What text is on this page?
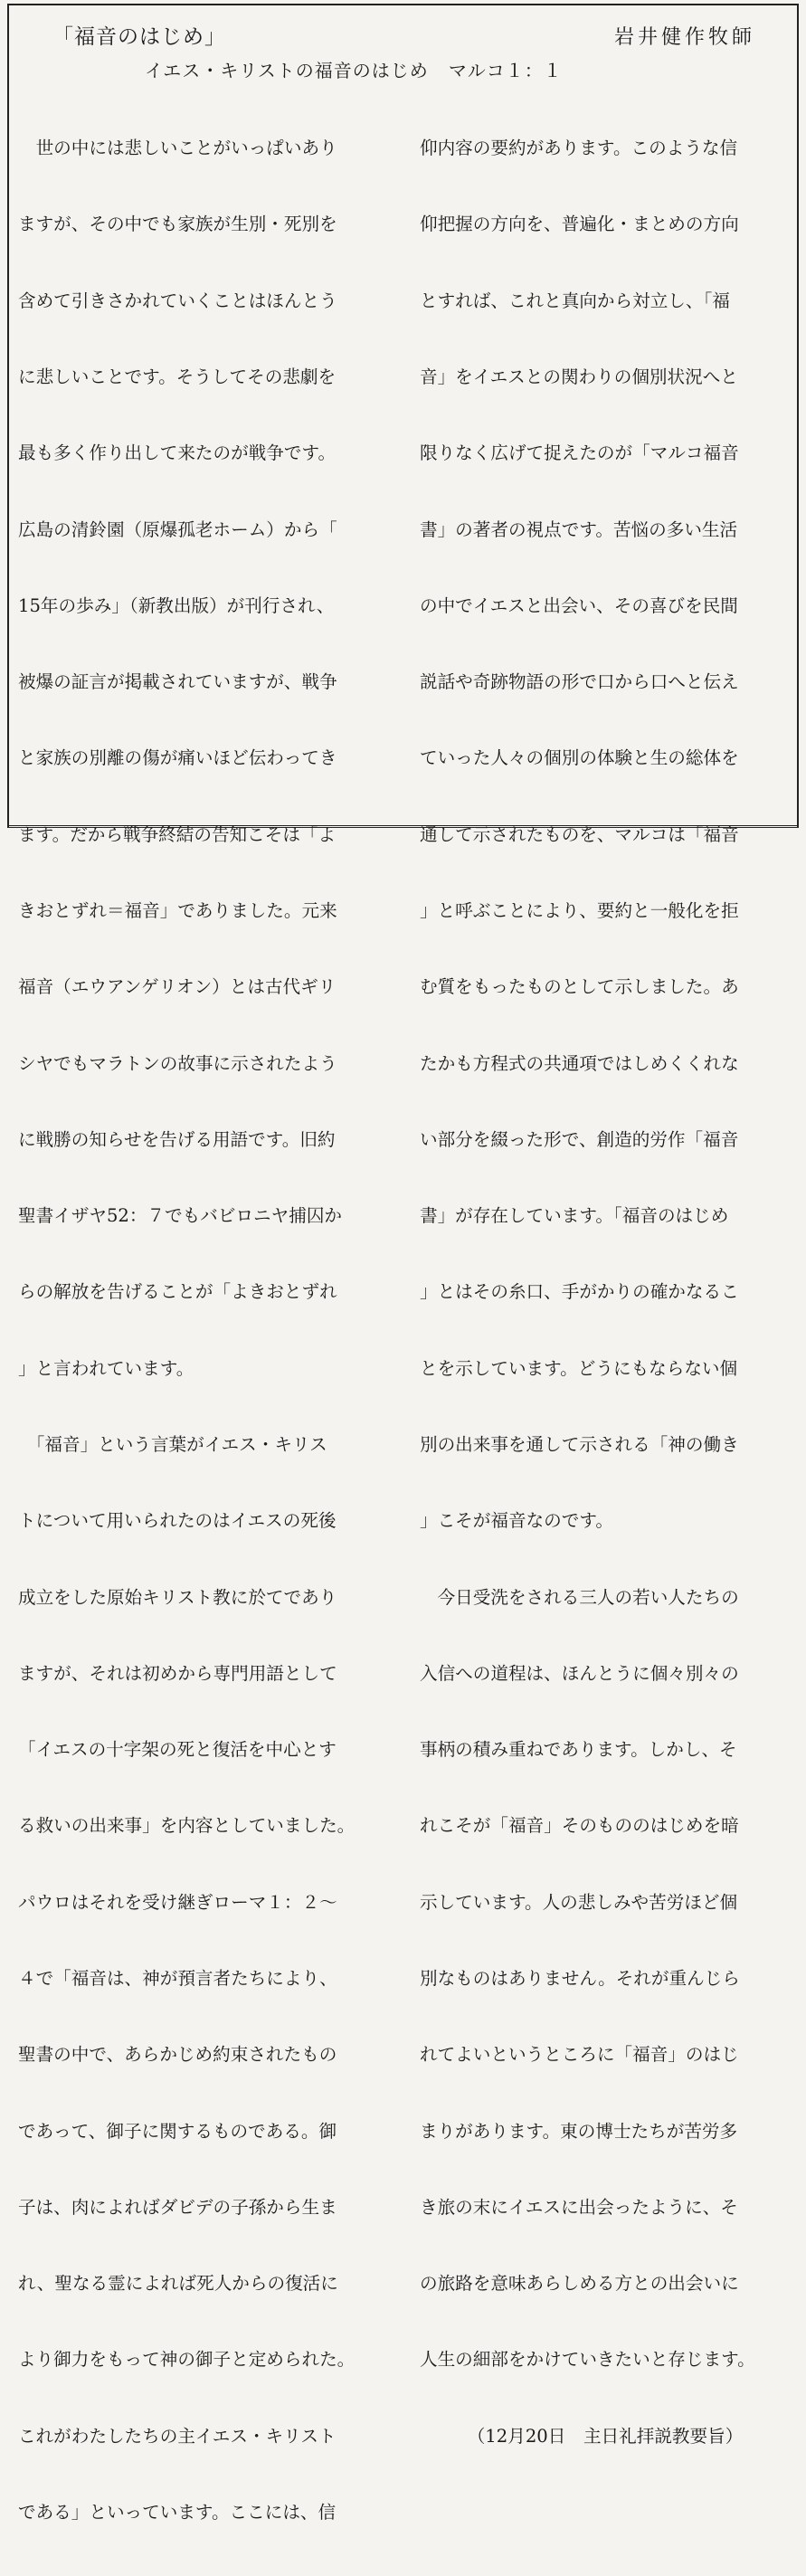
「福音のはじめ」	岩井健作牧師
イエス・キリストの福音のはじめ マルコ１：１

　世の中には悲しいことがいっぱいあり

ますが、その中でも家族が生別・死別を

含めて引きさかれていくことはほんとう

に悲しいことです。そうしてその悲劇を

最も多く作り出して来たのが戦争です。

広島の清鈴園（原爆孤老ホーム）から「

15年の歩み」（新教出版）が刊行され、

被爆の証言が掲載されていますが、戦争

と家族の別離の傷が痛いほど伝わってき

ます。だから戦争終結の告知こそは「よ

きおとずれ＝福音」でありました。元来

福音（エウアンゲリオン）とは古代ギリ

シヤでもマラトンの故事に示されたよう

に戦勝の知らせを告げる用語です。旧約

聖書イザヤ52：７でもバビロニヤ捕囚か

らの解放を告げることが「よきおとずれ

」と言われています。

　「福音」という言葉がイエス・キリス

トについて用いられたのはイエスの死後

成立をした原始キリスト教に於てであり

ますが、それは初めから専門用語として

「イエスの十字架の死と復活を中心とす

る救いの出来事」を内容としていました。

パウロはそれを受け継ぎローマ１：２〜

４で「福音は、神が預言者たちにより、

聖書の中で、あらかじめ約束されたもの

であって、御子に関するものである。御

子は、肉によればダビデの子孫から生ま

れ、聖なる霊によれば死人からの復活に

より御力をもって神の御子と定められた。

これがわたしたちの主イエス・キリスト

である」といっています。ここには、信

仰内容の要約があります。このような信

仰把握の方向を、普遍化・まとめの方向

とすれば、これと真向から対立し、「福

音」をイエスとの関わりの個別状況へと

限りなく広げて捉えたのが「マルコ福音

書」の著者の視点です。苦悩の多い生活

の中でイエスと出会い、その喜びを民間

説話や奇跡物語の形で口から口へと伝え

ていった人々の個別の体験と生の総体を

通して示されたものを、マルコは「福音

」と呼ぶことにより、要約と一般化を拒

む質をもったものとして示しました。あ

たかも方程式の共通項ではしめくくれな

い部分を綴った形で、創造的労作「福音

書」が存在しています。「福音のはじめ

」とはその糸口、手がかりの確かなるこ

とを示しています。どうにもならない個

別の出来事を通して示される「神の働き

」こそが福音なのです。

　今日受洗をされる三人の若い人たちの

入信への道程は、ほんとうに個々別々の

事柄の積み重ねであります。しかし、そ

れこそが「福音」そのもののはじめを暗

示しています。人の悲しみや苦労ほど個

別なものはありません。それが重んじら

れてよいというところに「福音」のはじ

まりがあります。東の博士たちが苦労多

き旅の末にイエスに出会ったように、そ

の旅路を意味あらしめる方との出会いに

人生の細部をかけていきたいと存じます。

（12月20日　主日礼拝説教要旨）
